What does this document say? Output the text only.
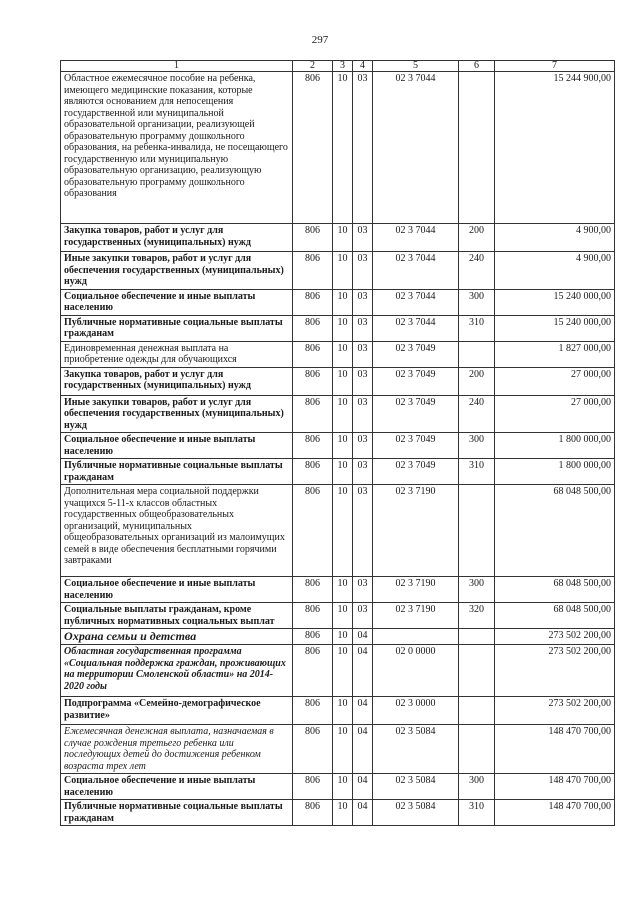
297
1	2	3	4	5	6	7
Областное ежемесячное пособие на ребенка, имеющего медицинские показания, которые являются основанием для непосещения государственной или муниципальной образовательной организации, реализующей образовательную программу дошкольного образования, на ребенка-инвалида, не посещающего государственную или муниципальную образовательную организацию, реализующую образовательную программу дошкольного образования	806	10	03	02 3 7044		15 244 900,00
Закупка товаров, работ и услуг для государственных (муниципальных) нужд	806	10	03	02 3 7044	200	4 900,00
Иные закупки товаров, работ и услуг для обеспечения государственных (муниципальных) нужд	806	10	03	02 3 7044	240	4 900,00
Социальное обеспечение и иные выплаты населению	806	10	03	02 3 7044	300	15 240 000,00
Публичные нормативные социальные выплаты гражданам	806	10	03	02 3 7044	310	15 240 000,00
Единовременная денежная выплата на приобретение одежды для обучающихся	806	10	03	02 3 7049		1 827 000,00
Закупка товаров, работ и услуг для государственных (муниципальных) нужд	806	10	03	02 3 7049	200	27 000,00
Иные закупки товаров, работ и услуг для обеспечения государственных (муниципальных) нужд	806	10	03	02 3 7049	240	27 000,00
Социальное обеспечение и иные выплаты населению	806	10	03	02 3 7049	300	1 800 000,00
Публичные нормативные социальные выплаты гражданам	806	10	03	02 3 7049	310	1 800 000,00
Дополнительная мера социальной поддержки учащихся 5-11-х классов областных государственных общеобразовательных организаций, муниципальных общеобразовательных организаций из малоимущих семей в виде обеспечения бесплатными горячими завтраками	806	10	03	02 3 7190		68 048 500,00
Социальное обеспечение и иные выплаты населению	806	10	03	02 3 7190	300	68 048 500,00
Социальные выплаты гражданам, кроме публичных нормативных социальных выплат	806	10	03	02 3 7190	320	68 048 500,00
Охрана семьи и детства	806	10	04			273 502 200,00
Областная государственная программа «Социальная поддержка граждан, проживающих на территории Смоленской области» на 2014-2020 годы	806	10	04	02 0 0000		273 502 200,00
Подпрограмма «Семейно-демографическое развитие»	806	10	04	02 3 0000		273 502 200,00
Ежемесячная денежная выплата, назначаемая в случае рождения третьего ребенка или последующих детей до достижения ребенком возраста трех лет	806	10	04	02 3 5084		148 470 700,00
Социальное обеспечение и иные выплаты населению	806	10	04	02 3 5084	300	148 470 700,00
Публичные нормативные социальные выплаты гражданам	806	10	04	02 3 5084	310	148 470 700,00
